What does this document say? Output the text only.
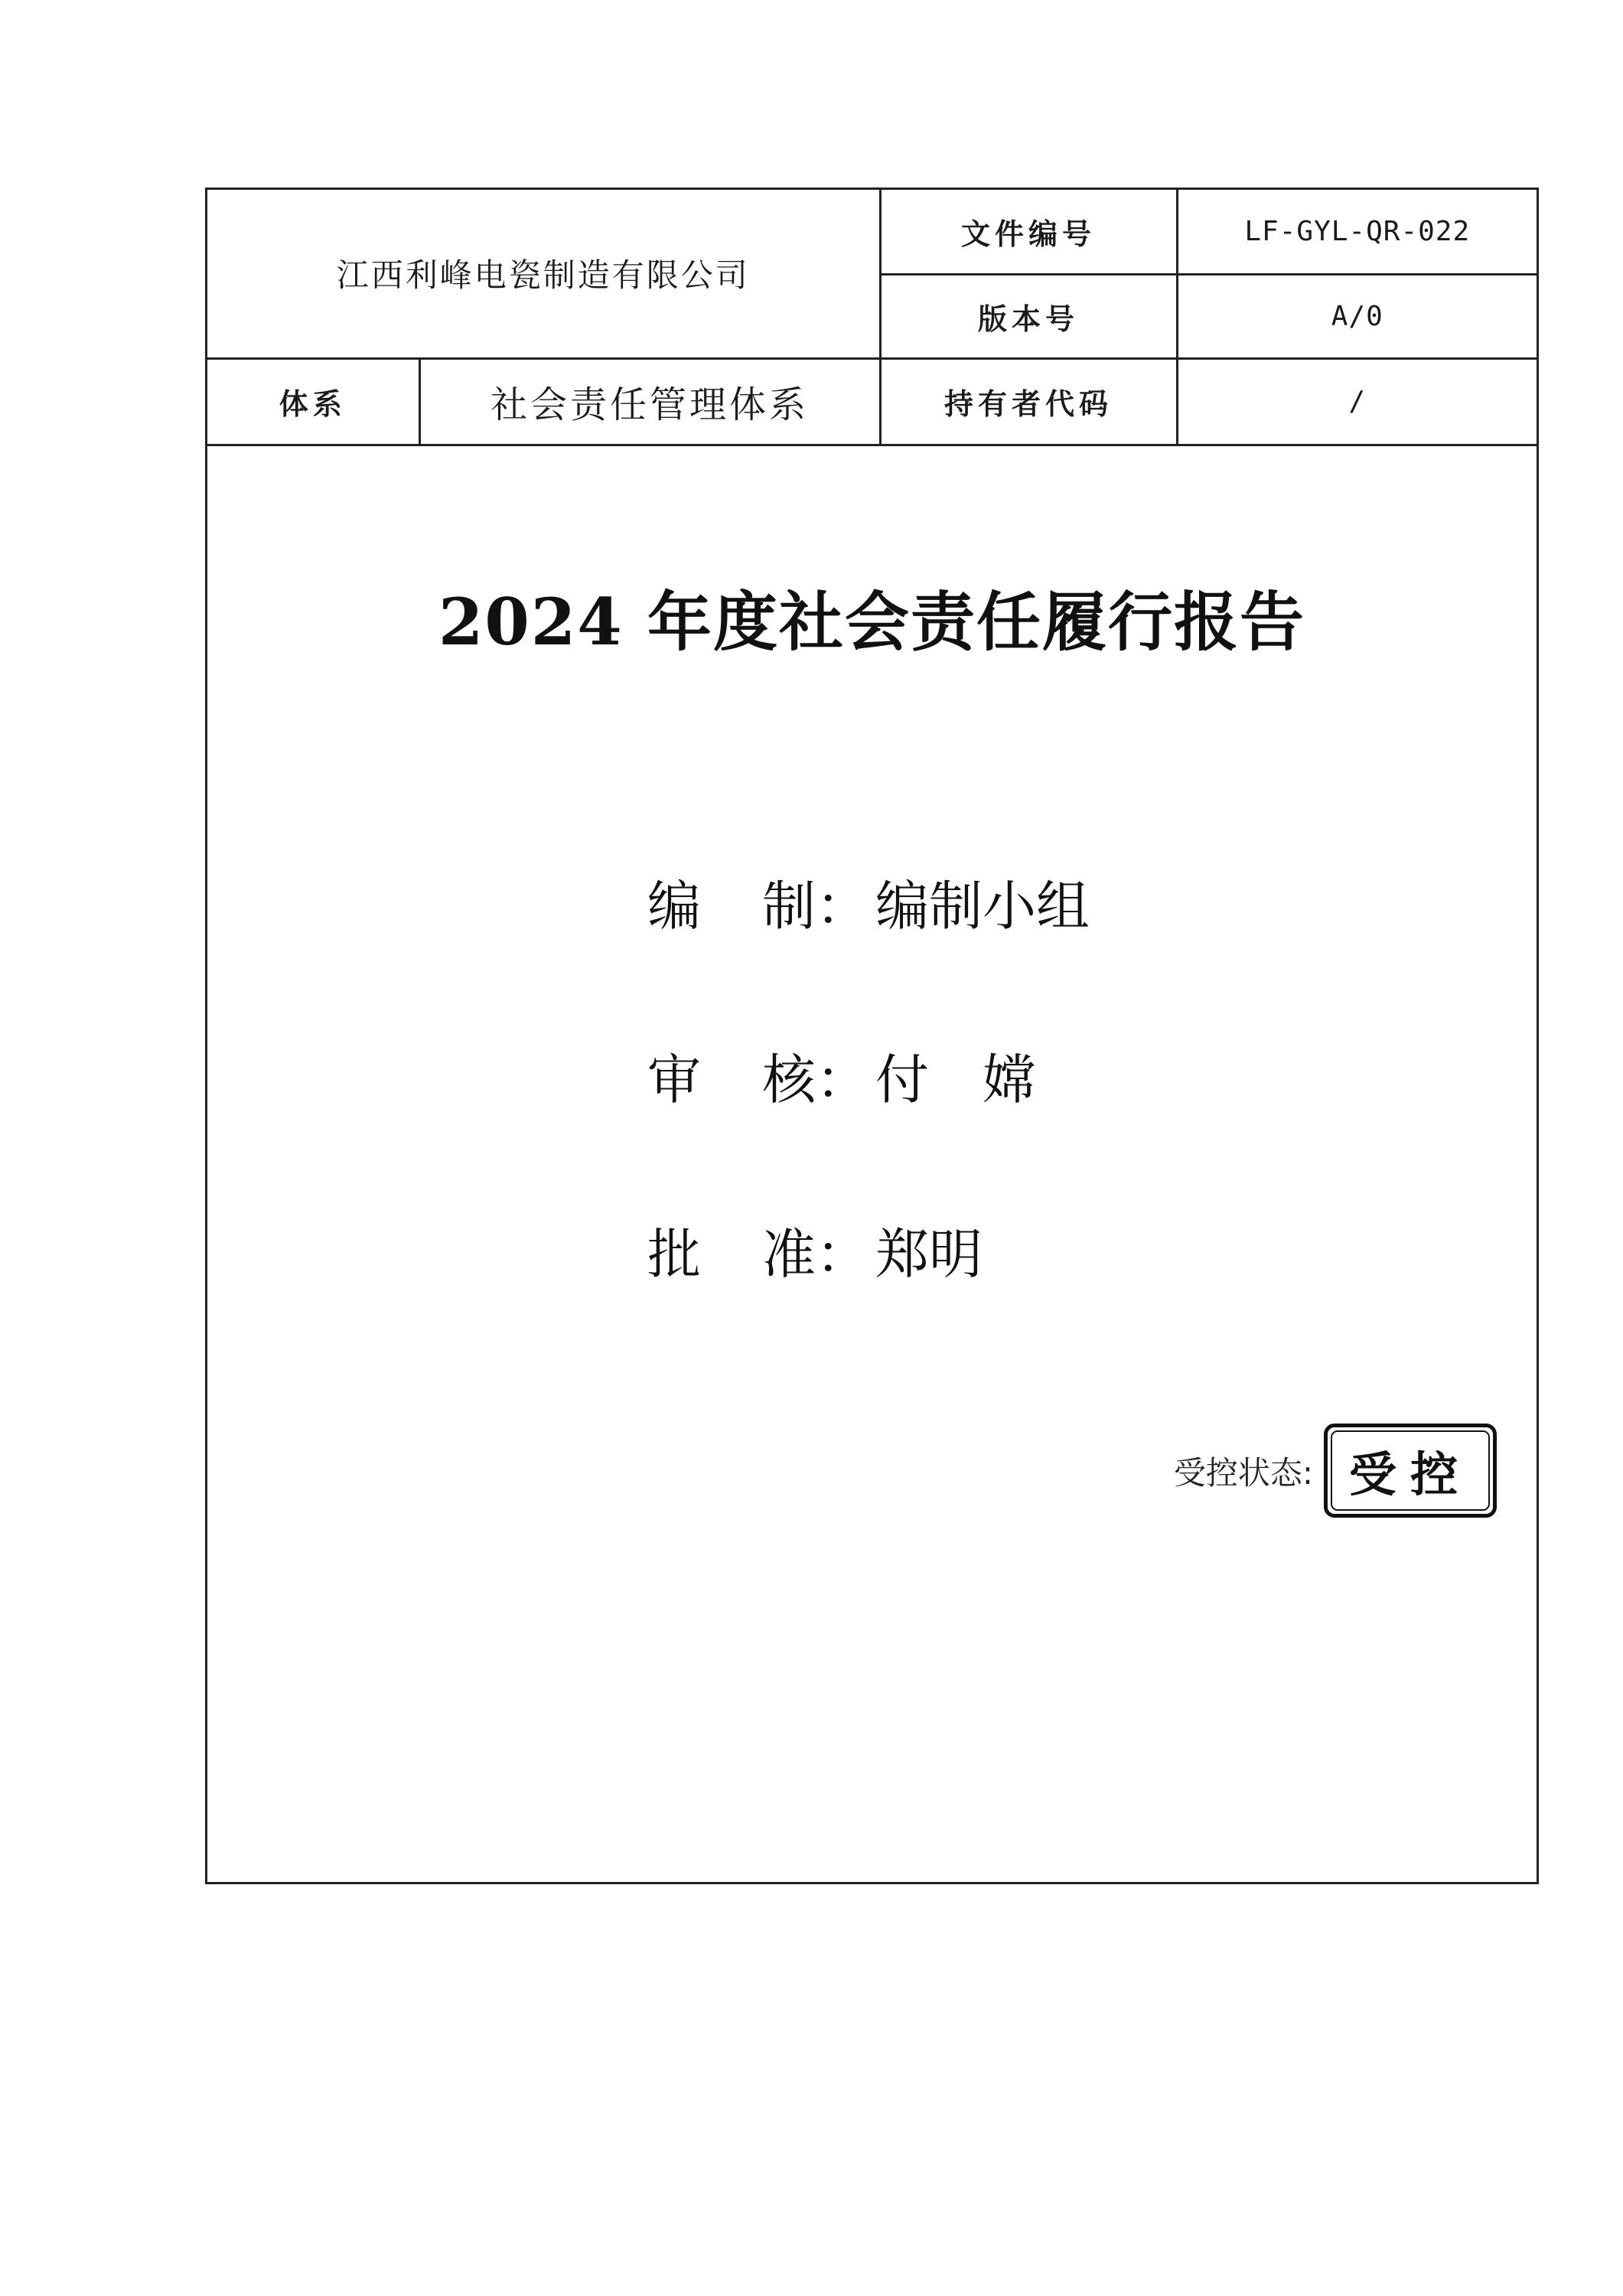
江西利峰电瓷制造有限公司		文件编号	LF-GYL-QR-022
		版本号	A/0
体系	社会责任管理体系	持有者代码	/
2024 年度社会责任履行报告
编 制： 编制小组
审 核： 付　嫦
批 准： 郑明
受控状态: 受控
